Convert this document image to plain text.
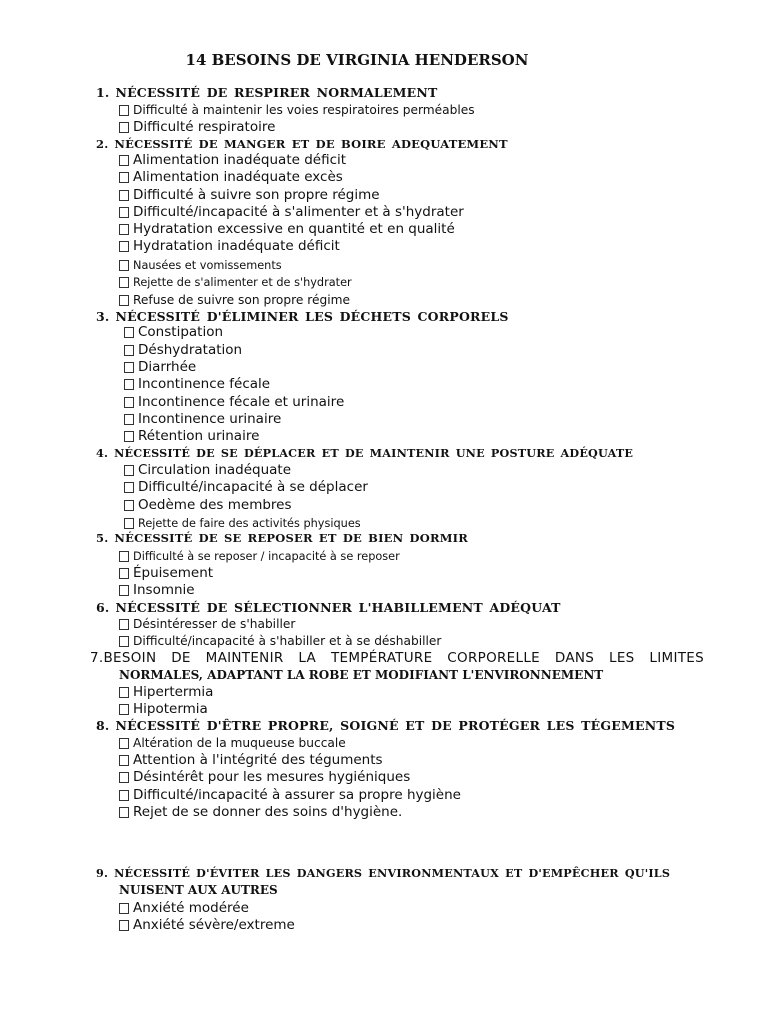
14 BESOINS DE VIRGINIA HENDERSON
1. NÉCESSITÉ DE RESPIRER NORMALEMENT
Difficulté à maintenir les voies respiratoires perméables
Difficulté respiratoire
2. NÉCESSITÉ DE MANGER ET DE BOIRE ADEQUATEMENT
Alimentation inadéquate déficit
Alimentation inadéquate excès
Difficulté à suivre son propre régime
Difficulté/incapacité à s'alimenter et à s'hydrater
Hydratation excessive en quantité et en qualité
Hydratation inadéquate déficit
Nausées et vomissements
Rejette de s'alimenter et de s'hydrater
Refuse de suivre son propre régime
3. NÉCESSITÉ D'ÉLIMINER LES DÉCHETS CORPORELS
Constipation
Déshydratation
Diarrhée
Incontinence fécale
Incontinence fécale et urinaire
Incontinence urinaire
Rétention urinaire
4. NÉCESSITÉ DE SE DÉPLACER ET DE MAINTENIR UNE POSTURE ADÉQUATE
Circulation inadéquate
Difficulté/incapacité à se déplacer
Oedème des membres
Rejette de faire des activités physiques
5. NÉCESSITÉ DE SE REPOSER ET DE BIEN DORMIR
Difficulté à se reposer / incapacité à se reposer
Épuisement
Insomnie
6. NÉCESSITÉ DE SÉLECTIONNER L'HABILLEMENT ADÉQUAT
Désintéresser de s'habiller
Difficulté/incapacité à s'habiller et à se déshabiller
7.BESOIN DE MAINTENIR LA TEMPÉRATURE CORPORELLE DANS LES LIMITES
NORMALES, ADAPTANT LA ROBE ET MODIFIANT L'ENVIRONNEMENT
Hipertermia
Hipotermia
8. NÉCESSITÉ D'ÊTRE PROPRE, SOIGNÉ ET DE PROTÉGER LES TÉGEMENTS
Altération de la muqueuse buccale
Attention à l'intégrité des téguments
Désintérêt pour les mesures hygiéniques
Difficulté/incapacité à assurer sa propre hygiène
Rejet de se donner des soins d'hygiène.
9. NÉCESSITÉ D'ÉVITER LES DANGERS ENVIRONMENTAUX ET D'EMPÊCHER QU'ILS
NUISENT AUX AUTRES
Anxiété modérée
Anxiété sévère/extreme
